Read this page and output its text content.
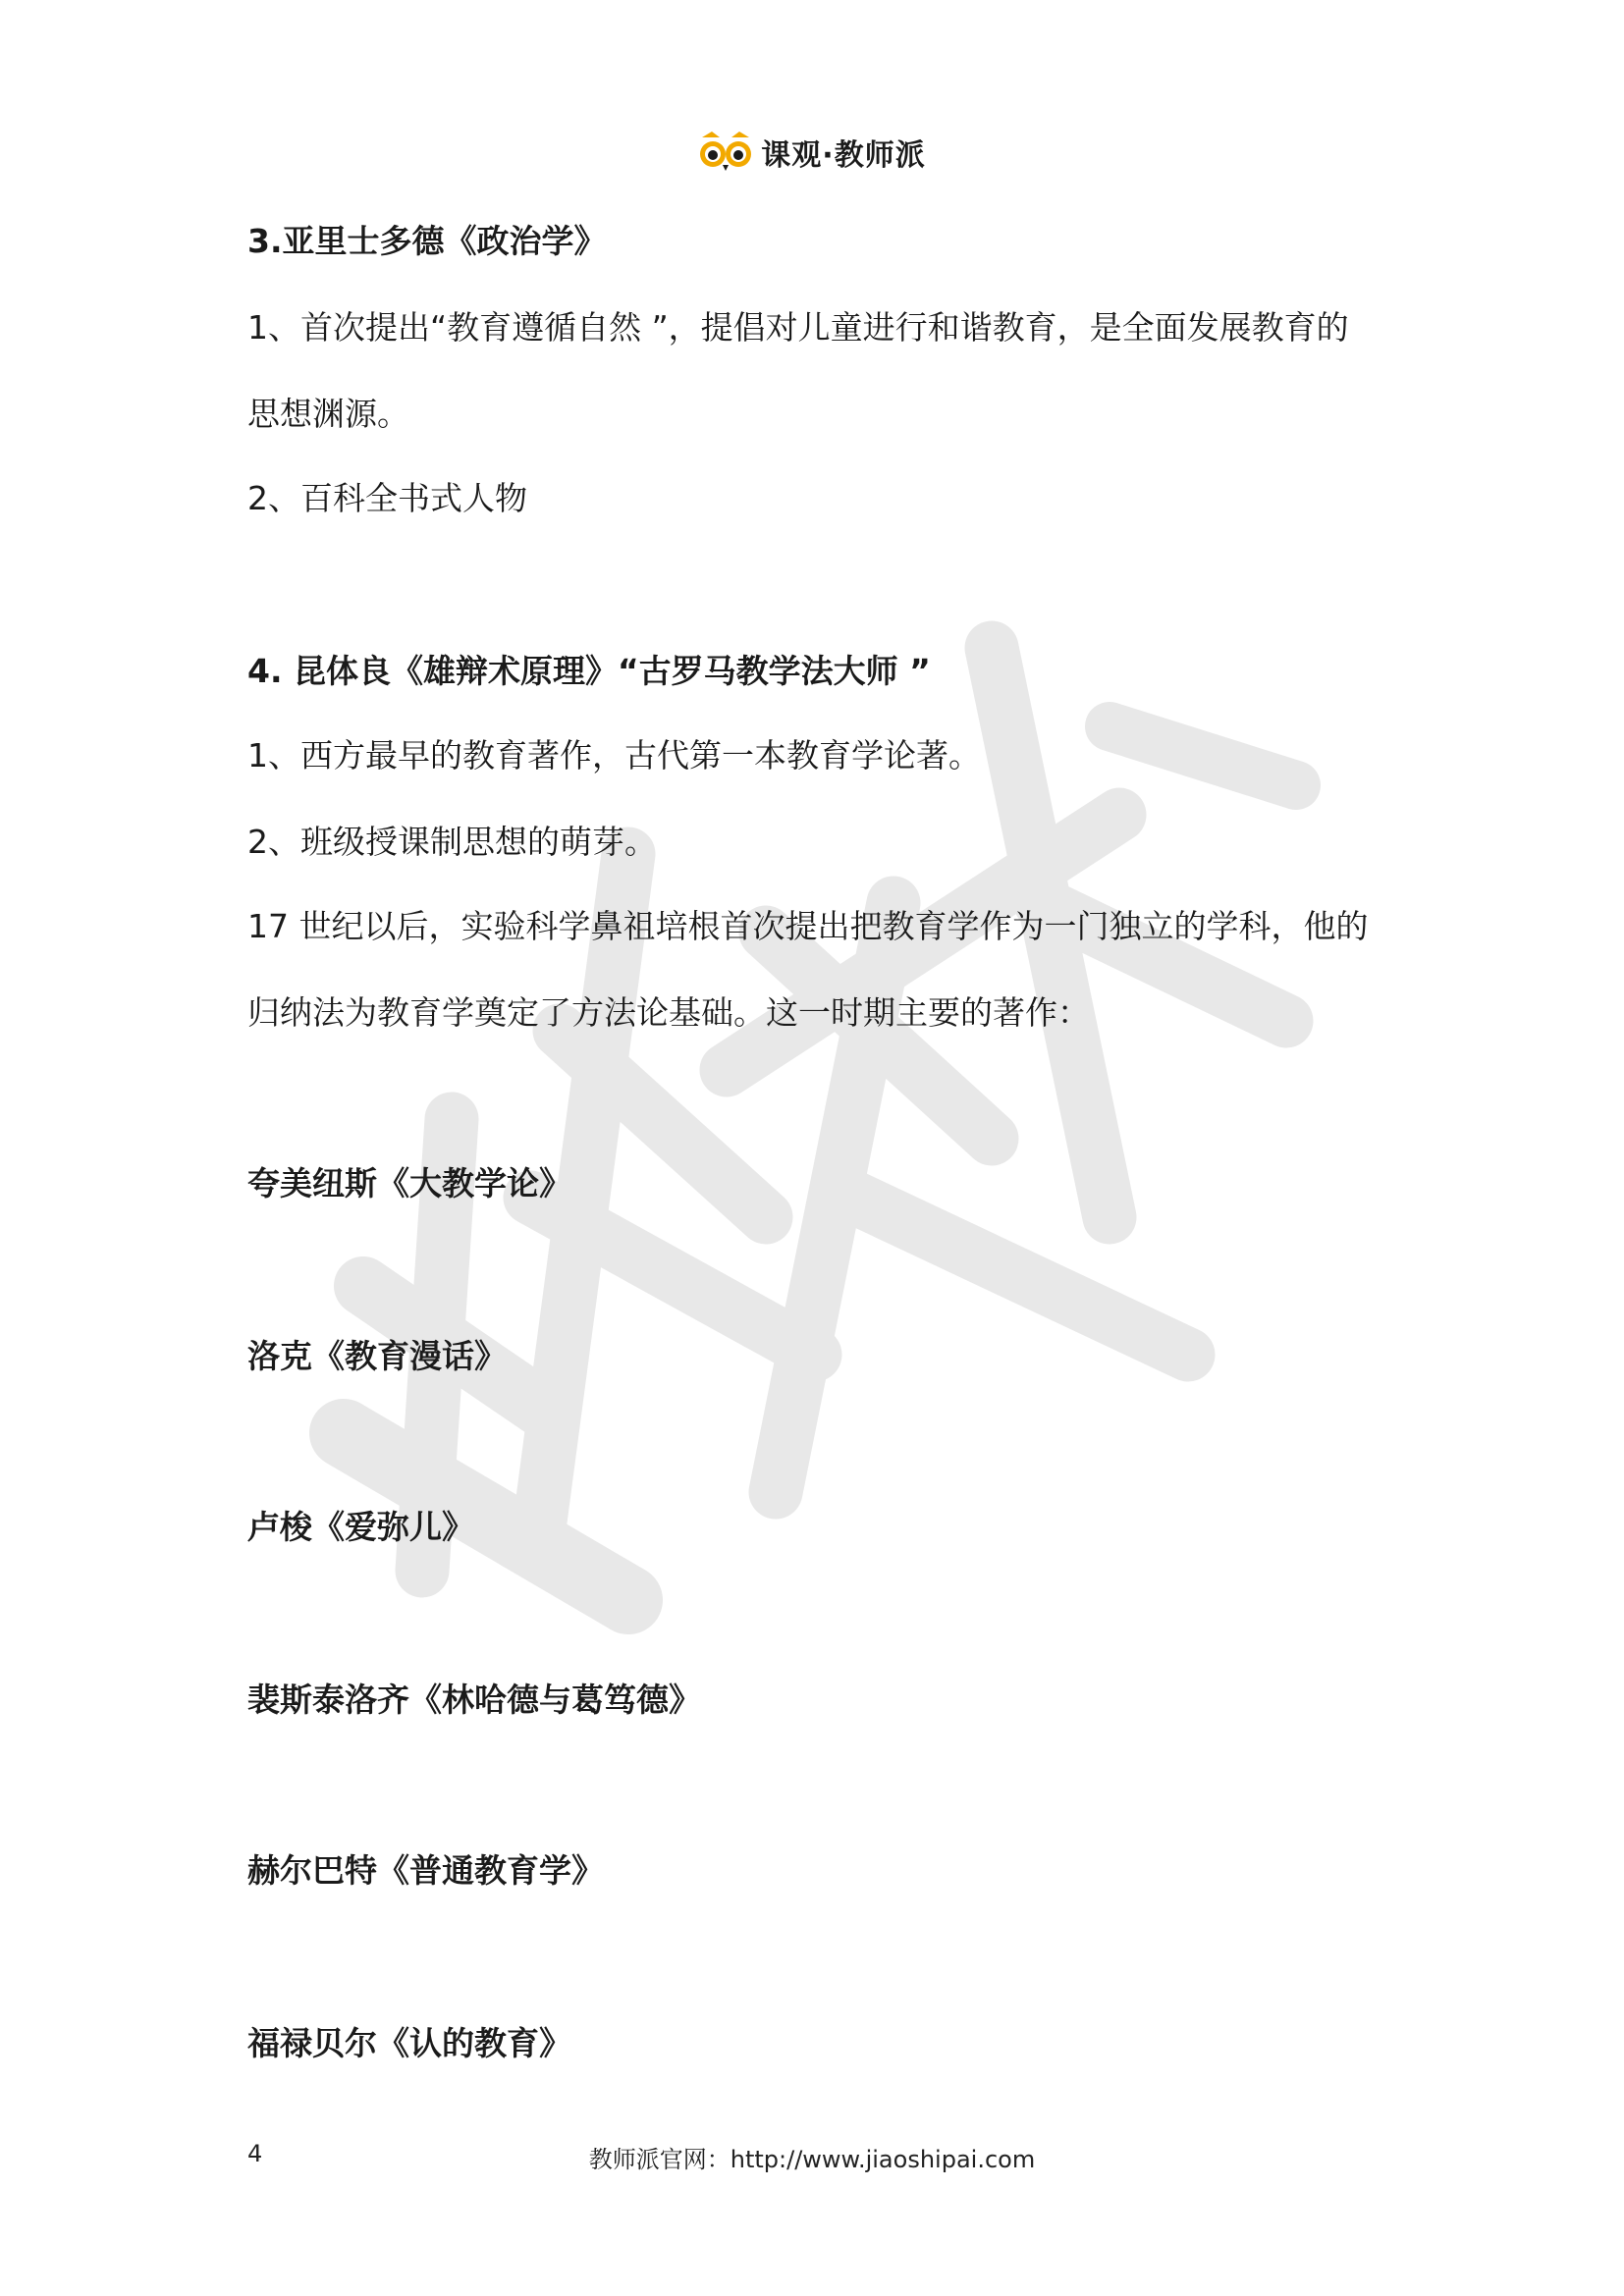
课观·教师派
3.亚里士多德《政治学》
1、首次提出“教育遵循自然 ”，提倡对儿童进行和谐教育，是全面发展教育的
思想渊源。
2、百科全书式人物
4. 昆体良《雄辩术原理》“古罗马教学法大师 ”
1、西方最早的教育著作，古代第一本教育学论著。
2、班级授课制思想的萌芽。
17 世纪以后，实验科学鼻祖培根首次提出把教育学作为一门独立的学科，他的
归纳法为教育学奠定了方法论基础。这一时期主要的著作：
夸美纽斯《大教学论》
洛克《教育漫话》
卢梭《爱弥儿》
裴斯泰洛齐《林哈德与葛笃德》
赫尔巴特《普通教育学》
福禄贝尔《认的教育》
4	教师派官网：http://www.jiaoshipai.com
